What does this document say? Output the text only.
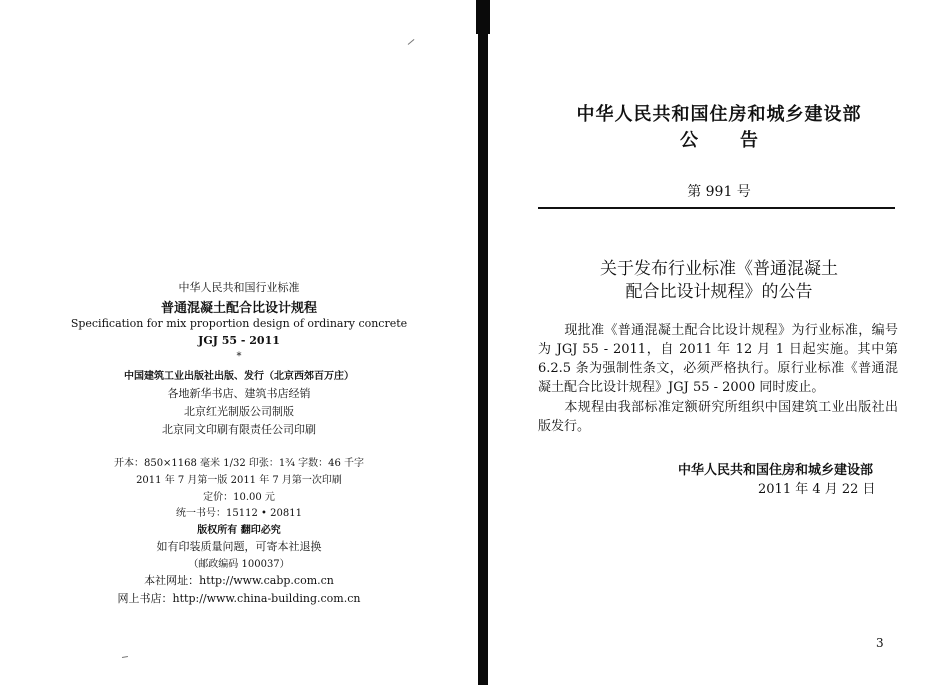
中华人民共和国行业标准
普通混凝土配合比设计规程
Specification for mix proportion design of ordinary concrete
JGJ 55 - 2011
*
中国建筑工业出版社出版、发行（北京西郊百万庄）
各地新华书店、建筑书店经销
北京红光制版公司制版
北京同文印刷有限责任公司印刷
开本：850×1168 毫米 1/32 印张：1¾ 字数：46 千字
2011 年 7 月第一版 2011 年 7 月第一次印刷
定价：10.00 元
统一书号：15112 • 20811
版权所有 翻印必究
如有印装质量问题，可寄本社退换
（邮政编码 100037）
本社网址：http://www.cabp.com.cn
网上书店：http://www.china-building.com.cn
中华人民共和国住房和城乡建设部
公告
第 991 号
关于发布行业标准《普通混凝土
配合比设计规程》的公告
现批准《普通混凝土配合比设计规程》为行业标准，编号为 JGJ 55 - 2011，自 2011 年 12 月 1 日起实施。其中第 6.2.5 条为强制性条文，必须严格执行。原行业标准《普通混凝土配合比设计规程》JGJ 55 - 2000 同时废止。
本规程由我部标准定额研究所组织中国建筑工业出版社出版发行。
中华人民共和国住房和城乡建设部
2011 年 4 月 22 日
3
